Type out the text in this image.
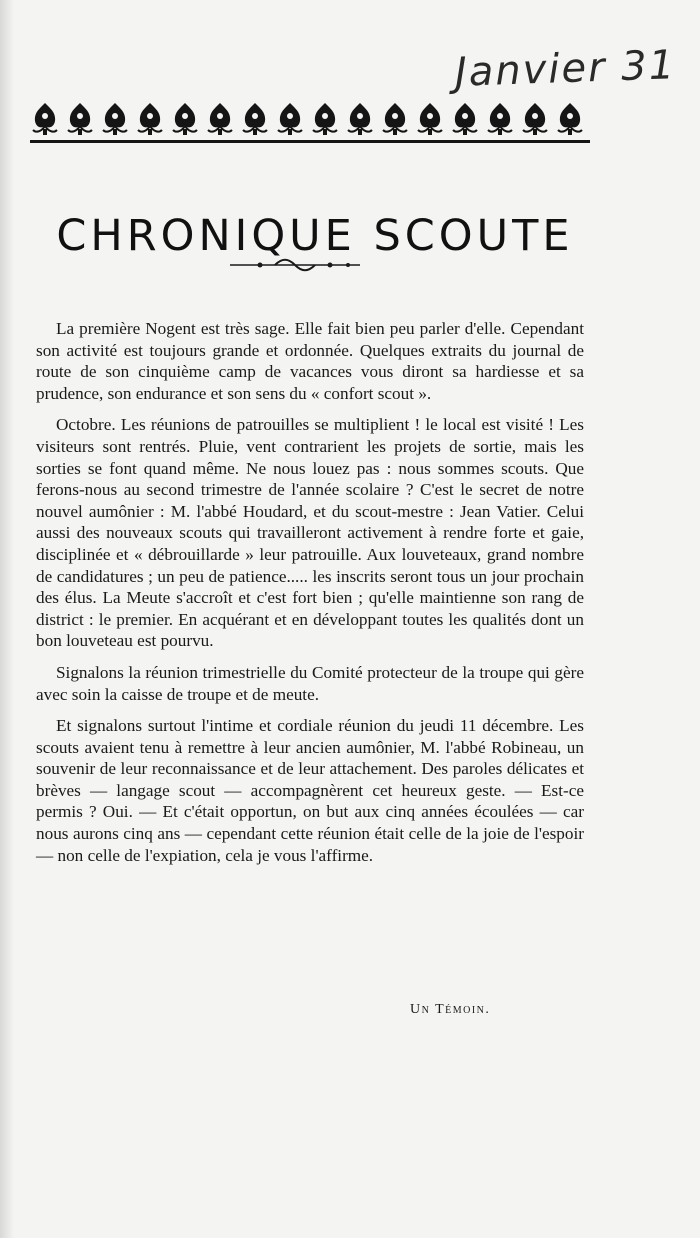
Janvier 31
CHRONIQUE SCOUTE

La première Nogent est très sage. Elle fait bien peu parler d'elle. Cependant son activité est toujours grande et ordonnée. Quelques extraits du journal de route de son cinquième camp de vacances vous diront sa hardiesse et sa prudence, son endurance et son sens du « confort scout ».

Octobre. Les réunions de patrouilles se multiplient ! le local est visité ! Les visiteurs sont rentrés. Pluie, vent contrarient les projets de sortie, mais les sorties se font quand même. Ne nous louez pas : nous sommes scouts. Que ferons-nous au second trimestre de l'année scolaire ? C'est le secret de notre nouvel aumônier : M. l'abbé Houdard, et du scout-mestre : Jean Vatier. Celui aussi des nouveaux scouts qui travailleront activement à rendre forte et gaie, disciplinée et « débrouillarde » leur patrouille. Aux louveteaux, grand nombre de candidatures ; un peu de patience..... les inscrits seront tous un jour prochain des élus. La Meute s'accroît et c'est fort bien ; qu'elle maintienne son rang de district : le premier. En acquérant et en développant toutes les qualités dont un bon louveteau est pourvu.

Signalons la réunion trimestrielle du Comité protecteur de la troupe qui gère avec soin la caisse de troupe et de meute.

Et signalons surtout l'intime et cordiale réunion du jeudi 11 décembre. Les scouts avaient tenu à remettre à leur ancien aumônier, M. l'abbé Robineau, un souvenir de leur reconnaissance et de leur attachement. Des paroles délicates et brèves — langage scout — accompagnèrent cet heureux geste. — Est-ce permis ? Oui. — Et c'était opportun, on but aux cinq années écoulées — car nous aurons cinq ans — cependant cette réunion était celle de la joie de l'espoir — non celle de l'expiation, cela je vous l'affirme.

Un Témoin.
